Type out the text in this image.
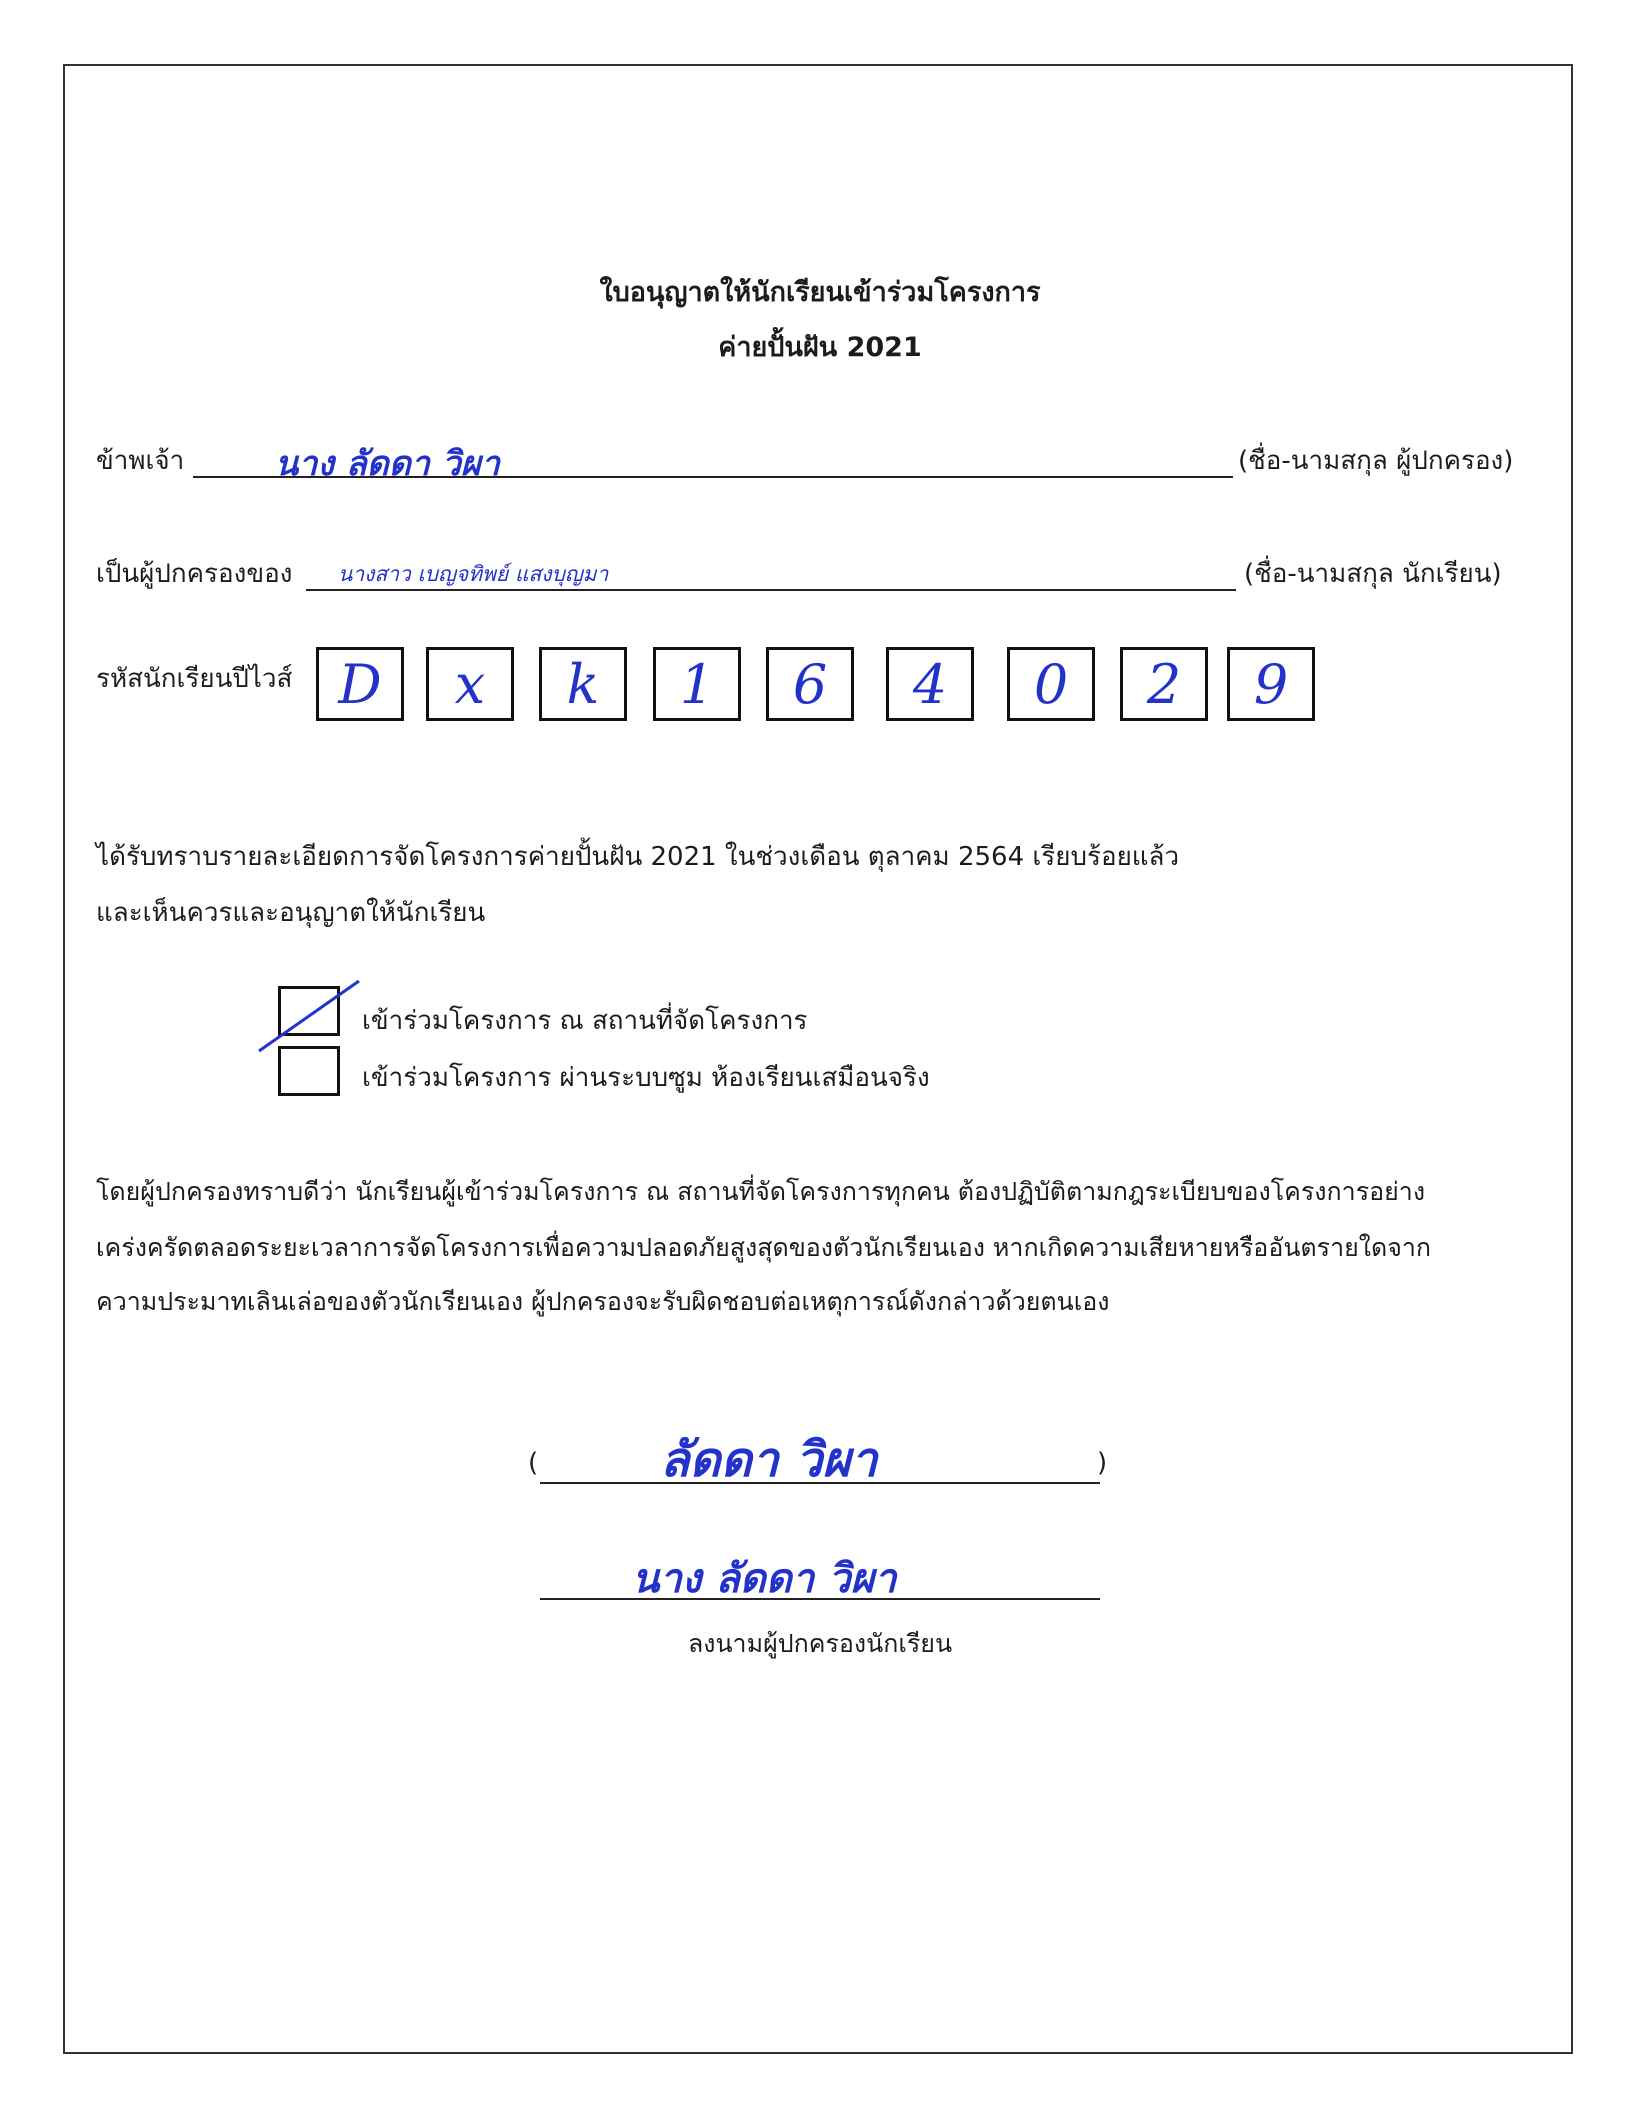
ใบอนุญาตให้นักเรียนเข้าร่วมโครงการ
ค่ายปั้นฝัน 2021
ข้าพเจ้า	นาง ลัดดา วิผา	(ชื่อ-นามสกุล ผู้ปกครอง)
เป็นผู้ปกครองของ นางสาว เบญจทิพย์ แสงบุญมา	(ชื่อ-นามสกุล นักเรียน)
รหัสนักเรียนปีไวส์ D x k 1 6 4 0 2 9
ได้รับทราบรายละเอียดการจัดโครงการค่ายปั้นฝัน 2021 ในช่วงเดือน ตุลาคม 2564 เรียบร้อยแล้ว
และเห็นควรและอนุญาตให้นักเรียน
เข้าร่วมโครงการ ณ สถานที่จัดโครงการ
เข้าร่วมโครงการ ผ่านระบบซูม ห้องเรียนเสมือนจริง
โดยผู้ปกครองทราบดีว่า นักเรียนผู้เข้าร่วมโครงการ ณ สถานที่จัดโครงการทุกคน ต้องปฏิบัติตามกฎระเบียบของโครงการอย่าง
เคร่งครัดตลอดระยะเวลาการจัดโครงการเพื่อความปลอดภัยสูงสุดของตัวนักเรียนเอง หากเกิดความเสียหายหรืออันตรายใดจาก
ความประมาทเลินเล่อของตัวนักเรียนเอง ผู้ปกครองจะรับผิดชอบต่อเหตุการณ์ดังกล่าวด้วยตนเอง
(	)
ลัดดา วิผา
นาง ลัดดา วิผา
ลงนามผู้ปกครองนักเรียน
